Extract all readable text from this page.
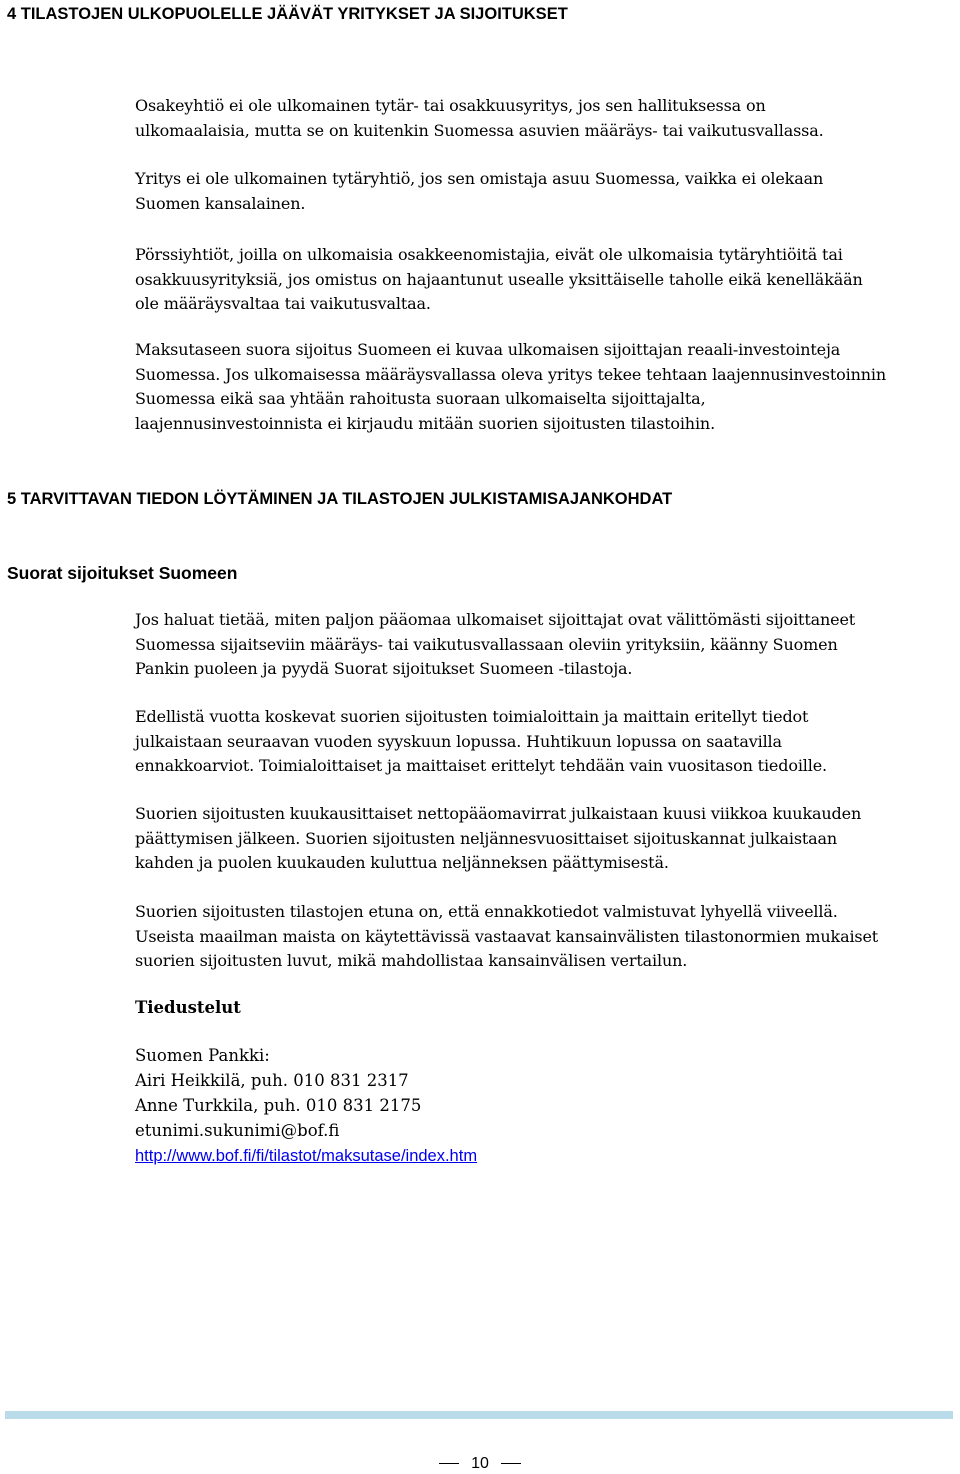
4 TILASTOJEN ULKOPUOLELLE JÄÄVÄT YRITYKSET JA SIJOITUKSET
Osakeyhtiö ei ole ulkomainen tytär- tai osakkuusyritys, jos sen hallituksessa on
ulkomaalaisia, mutta se on kuitenkin Suomessa asuvien määräys- tai vaikutusvallassa.
Yritys ei ole ulkomainen tytäryhtiö, jos sen omistaja asuu Suomessa, vaikka ei olekaan
Suomen kansalainen.
Pörssiyhtiöt, joilla on ulkomaisia osakkeenomistajia, eivät ole ulkomaisia tytäryhtiöitä tai
osakkuusyrityksiä, jos omistus on hajaantunut usealle yksittäiselle taholle eikä kenelläkään
ole määräysvaltaa tai vaikutusvaltaa.
Maksutaseen suora sijoitus Suomeen ei kuvaa ulkomaisen sijoittajan reaali-investointeja
Suomessa. Jos ulkomaisessa määräysvallassa oleva yritys tekee tehtaan laajennusinvestoinnin
Suomessa eikä saa yhtään rahoitusta suoraan ulkomaiselta sijoittajalta,
laajennusinvestoinnista ei kirjaudu mitään suorien sijoitusten tilastoihin.
5 TARVITTAVAN TIEDON LÖYTÄMINEN JA TILASTOJEN JULKISTAMISAJANKOHDAT
Suorat sijoitukset Suomeen
Jos haluat tietää, miten paljon pääomaa ulkomaiset sijoittajat ovat välittömästi sijoittaneet
Suomessa sijaitseviin määräys- tai vaikutusvallassaan oleviin yrityksiin, käänny Suomen
Pankin puoleen ja pyydä Suorat sijoitukset Suomeen -tilastoja.
Edellistä vuotta koskevat suorien sijoitusten toimialoittain ja maittain eritellyt tiedot
julkaistaan seuraavan vuoden syyskuun lopussa. Huhtikuun lopussa on saatavilla
ennakkoarviot. Toimialoittaiset ja maittaiset erittelyt tehdään vain vuositason tiedoille.
Suorien sijoitusten kuukausittaiset nettopääomavirrat julkaistaan kuusi viikkoa kuukauden
päättymisen jälkeen. Suorien sijoitusten neljännesvuosittaiset sijoituskannat julkaistaan
kahden ja puolen kuukauden kuluttua neljänneksen päättymisestä.
Suorien sijoitusten tilastojen etuna on, että ennakkotiedot valmistuvat lyhyellä viiveellä.
Useista maailman maista on käytettävissä vastaavat kansainvälisten tilastonormien mukaiset
suorien sijoitusten luvut, mikä mahdollistaa kansainvälisen vertailun.
Tiedustelut
Suomen Pankki:
Airi Heikkilä, puh. 010 831 2317
Anne Turkkila, puh. 010 831 2175
etunimi.sukunimi@bof.fi
http://www.bof.fi/fi/tilastot/maksutase/index.htm
10
